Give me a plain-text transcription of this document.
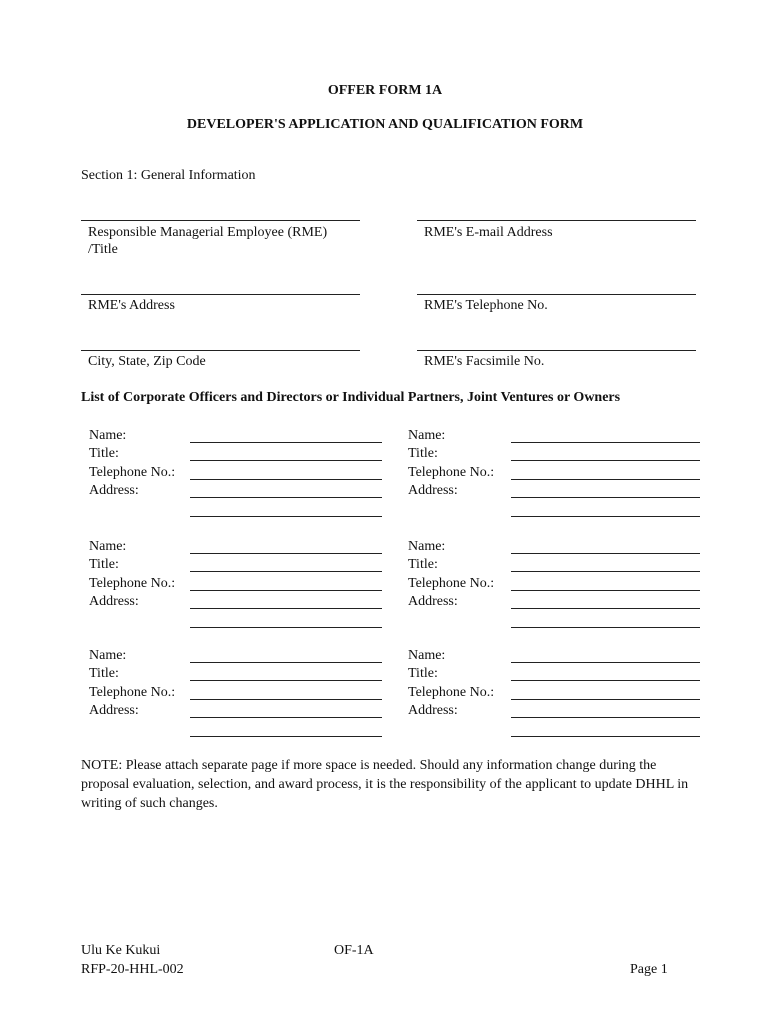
OFFER FORM 1A
DEVELOPER'S APPLICATION AND QUALIFICATION FORM
Section 1: General Information
Responsible Managerial Employee (RME)
/Title
RME's E-mail Address
RME's Address	RME's Telephone No.
City, State, Zip Code	RME's Facsimile No.
List of Corporate Officers and Directors or Individual Partners, Joint Ventures or Owners
Name:
Title:
Telephone No.:
Address:
Name:
Title:
Telephone No.:
Address:
Name:
Title:
Telephone No.:
Address:
Name:
Title:
Telephone No.:
Address:
Name:
Title:
Telephone No.:
Address:
Name:
Title:
Telephone No.:
Address:
NOTE: Please attach separate page if more space is needed. Should any information change during the proposal evaluation, selection, and award process, it is the responsibility of the applicant to update DHHL in writing of such changes.
Ulu Ke Kukui
RFP-20-HHL-002
OF-1A
Page 1
